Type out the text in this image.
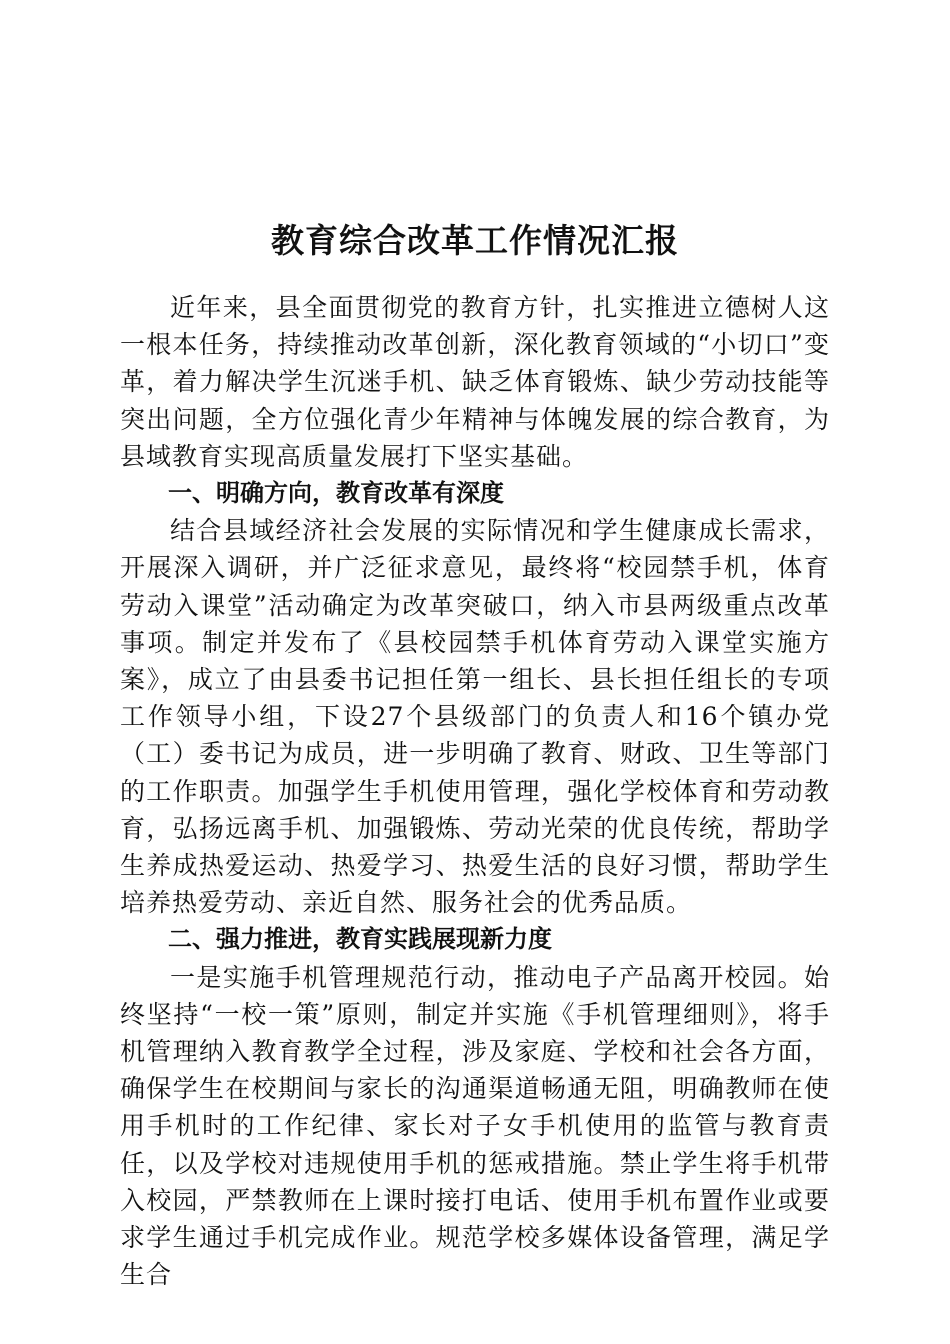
教育综合改革工作情况汇报

近年来，县全面贯彻党的教育方针，扎实推进立德树人这一根本任务，持续推动改革创新，深化教育领域的“小切口”变革，着力解决学生沉迷手机、缺乏体育锻炼、缺少劳动技能等突出问题，全方位强化青少年精神与体魄发展的综合教育，为县域教育实现高质量发展打下坚实基础。

一、明确方向，教育改革有深度

结合县域经济社会发展的实际情况和学生健康成长需求，开展深入调研，并广泛征求意见，最终将“校园禁手机，体育劳动入课堂”活动确定为改革突破口，纳入市县两级重点改革事项。制定并发布了《县校园禁手机体育劳动入课堂实施方案》，成立了由县委书记担任第一组长、县长担任组长的专项工作领导小组，下设27个县级部门的负责人和16个镇办党（工）委书记为成员，进一步明确了教育、财政、卫生等部门的工作职责。加强学生手机使用管理，强化学校体育和劳动教育，弘扬远离手机、加强锻炼、劳动光荣的优良传统，帮助学生养成热爱运动、热爱学习、热爱生活的良好习惯，帮助学生培养热爱劳动、亲近自然、服务社会的优秀品质。

二、强力推进，教育实践展现新力度

一是实施手机管理规范行动，推动电子产品离开校园。始终坚持“一校一策”原则，制定并实施《手机管理细则》，将手机管理纳入教育教学全过程，涉及家庭、学校和社会各方面，确保学生在校期间与家长的沟通渠道畅通无阻，明确教师在使用手机时的工作纪律、家长对子女手机使用的监管与教育责任，以及学校对违规使用手机的惩戒措施。禁止学生将手机带入校园，严禁教师在上课时接打电话、使用手机布置作业或要求学生通过手机完成作业。规范学校多媒体设备管理，满足学生合
